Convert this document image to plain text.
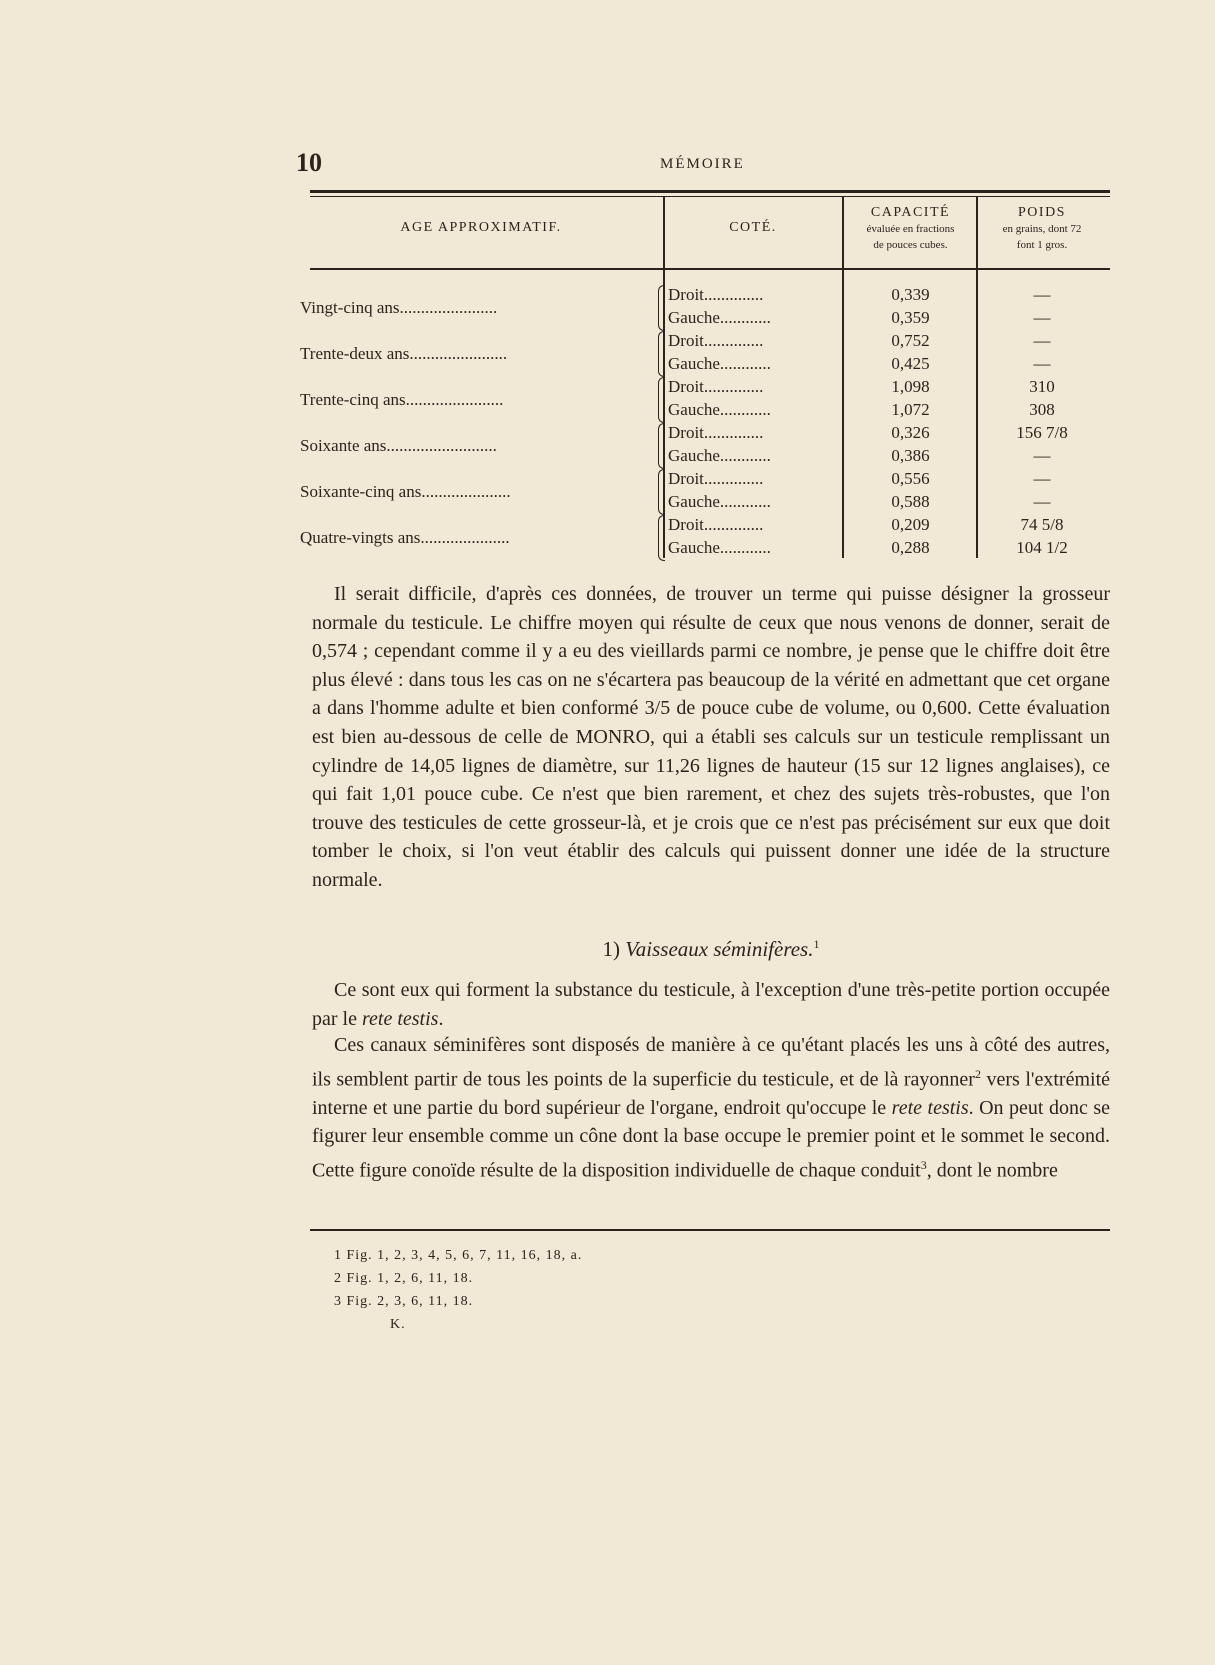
10	MÉMOIRE
AGE APPROXIMATIF.	COTÉ.
CAPACITÉ
évaluée en fractions
de pouces cubes.
POIDS
en grains, dont 72
font 1 gros.
Vingt-cinq ans.......................
Droit..............
Gauche............
0,339
0,359
—
—
Trente-deux ans.......................
Droit..............
Gauche............
0,752
0,425
—
—
Trente-cinq ans.......................
Droit..............
Gauche............
1,098
1,072
310
308
Soixante ans..........................
Droit..............
Gauche............
0,326
0,386
156 7/8
—
Soixante-cinq ans.....................
Droit..............
Gauche............
0,556
0,588
—
—
Quatre-vingts ans.....................
Droit..............
Gauche............
0,209
0,288
74 5/8
104 1/2
Il serait difficile, d'après ces données, de trouver un terme qui puisse désigner la grosseur normale du testicule. Le chiffre moyen qui résulte de ceux que nous venons de donner, serait de 0,574 ; cependant comme il y a eu des vieillards parmi ce nombre, je pense que le chiffre doit être plus élevé : dans tous les cas on ne s'écartera pas beaucoup de la vérité en admettant que cet organe a dans l'homme adulte et bien conformé 3/5 de pouce cube de volume, ou 0,600. Cette évaluation est bien au-dessous de celle de MONRO, qui a établi ses calculs sur un testicule remplissant un cylindre de 14,05 lignes de diamètre, sur 11,26 lignes de hauteur (15 sur 12 lignes anglaises), ce qui fait 1,01 pouce cube. Ce n'est que bien rarement, et chez des sujets très-robustes, que l'on trouve des testicules de cette grosseur-là, et je crois que ce n'est pas précisément sur eux que doit tomber le choix, si l'on veut établir des calculs qui puissent donner une idée de la structure normale.
1) Vaisseaux séminifères.$^1$
Ce sont eux qui forment la substance du testicule, à l'exception d'une très-petite portion occupée par le rete testis.
Ces canaux séminifères sont disposés de manière à ce qu'étant placés les uns à côté des autres, ils semblent partir de tous les points de la superficie du testicule, et de là rayonner$^2$ vers l'extrémité interne et une partie du bord supérieur de l'organe, endroit qu'occupe le rete testis. On peut donc se figurer leur ensemble comme un cône dont la base occupe le premier point et le sommet le second. Cette figure conoïde résulte de la disposition individuelle de chaque conduit$^3$, dont le nombre
1 Fig. 1, 2, 3, 4, 5, 6, 7, 11, 16, 18, a.
2 Fig. 1, 2, 6, 11, 18.
3 Fig. 2, 3, 6, 11, 18.
K.
